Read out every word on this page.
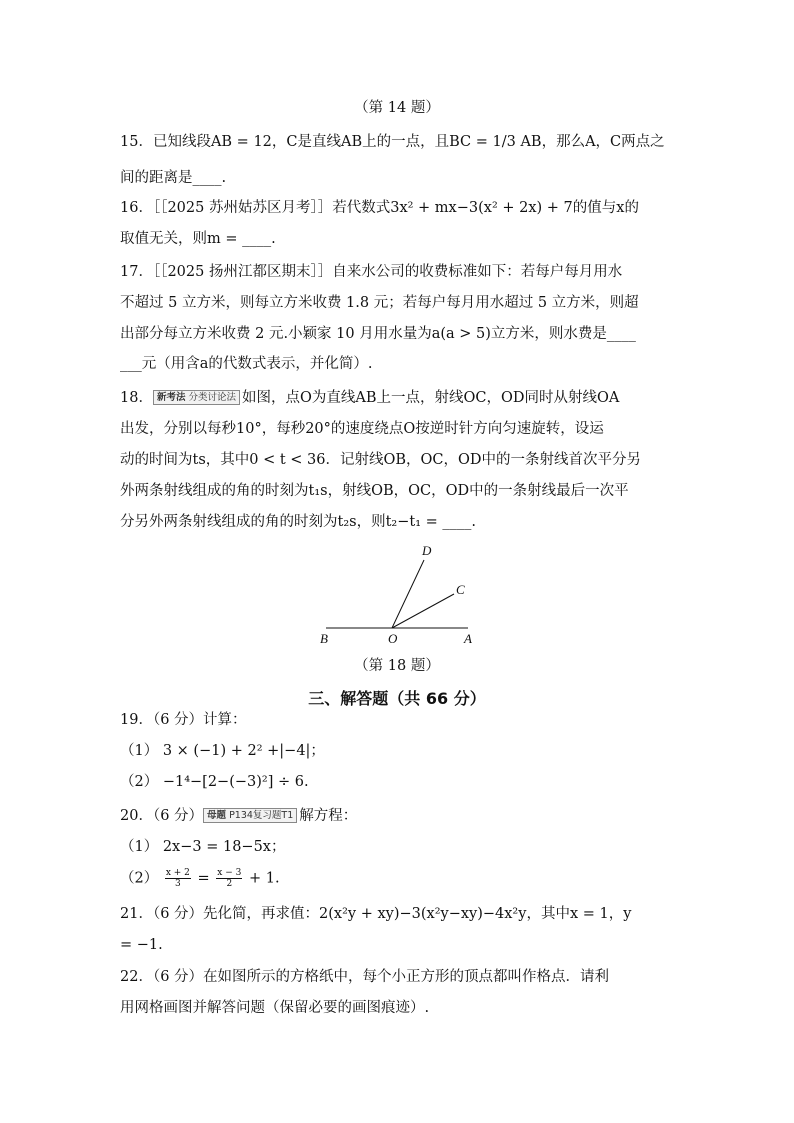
（第 14 题）
15．已知线段AB = 12，C是直线AB上的一点，且BC = 1/3 AB，那么A，C两点之
间的距离是____.
16．［［2025 苏州姑苏区月考］］若代数式3x² + mx−3(x² + 2x) + 7的值与x的
取值无关，则m = ____.
17．［［2025 扬州江都区期末］］自来水公司的收费标准如下：若每户每月用水
不超过 5 立方米，则每立方米收费 1.8 元；若每户每月用水超过 5 立方米，则超
出部分每立方米收费 2 元.小颖家 10 月用水量为a(a > 5)立方米，则水费是____
___元（用含a的代数式表示，并化简）.
18． 新考法 分类讨论法 如图，点O为直线AB上一点，射线OC，OD同时从射线OA
出发，分别以每秒10°，每秒20°的速度绕点O按逆时针方向匀速旋转，设运
动的时间为ts，其中0 < t < 36．记射线OB，OC，OD中的一条射线首次平分另
外两条射线组成的角的时刻为t₁s，射线OB，OC，OD中的一条射线最后一次平
分另外两条射线组成的角的时刻为t₂s，则t₂−t₁ = ____.
D
C
B	O	A
（第 18 题）
三、解答题（共 66 分）
19．（6 分）计算：
（1） 3 × (−1) + 2² +|−4|；
（2） −1⁴−[2−(−3)²] ÷ 6.
20．（6 分） 母题 P134复习题T1 解方程：
（1） 2x−3 = 18−5x；
$(2) \frac{x + 2}{3} = \frac{x - 3}{2} + 1$.
21．（6 分）先化简，再求值：2(x²y + xy)−3(x²y−xy)−4x²y，其中x = 1，y
= −1.
22．（6 分）在如图所示的方格纸中，每个小正方形的顶点都叫作格点．请利
用网格画图并解答问题（保留必要的画图痕迹）.
